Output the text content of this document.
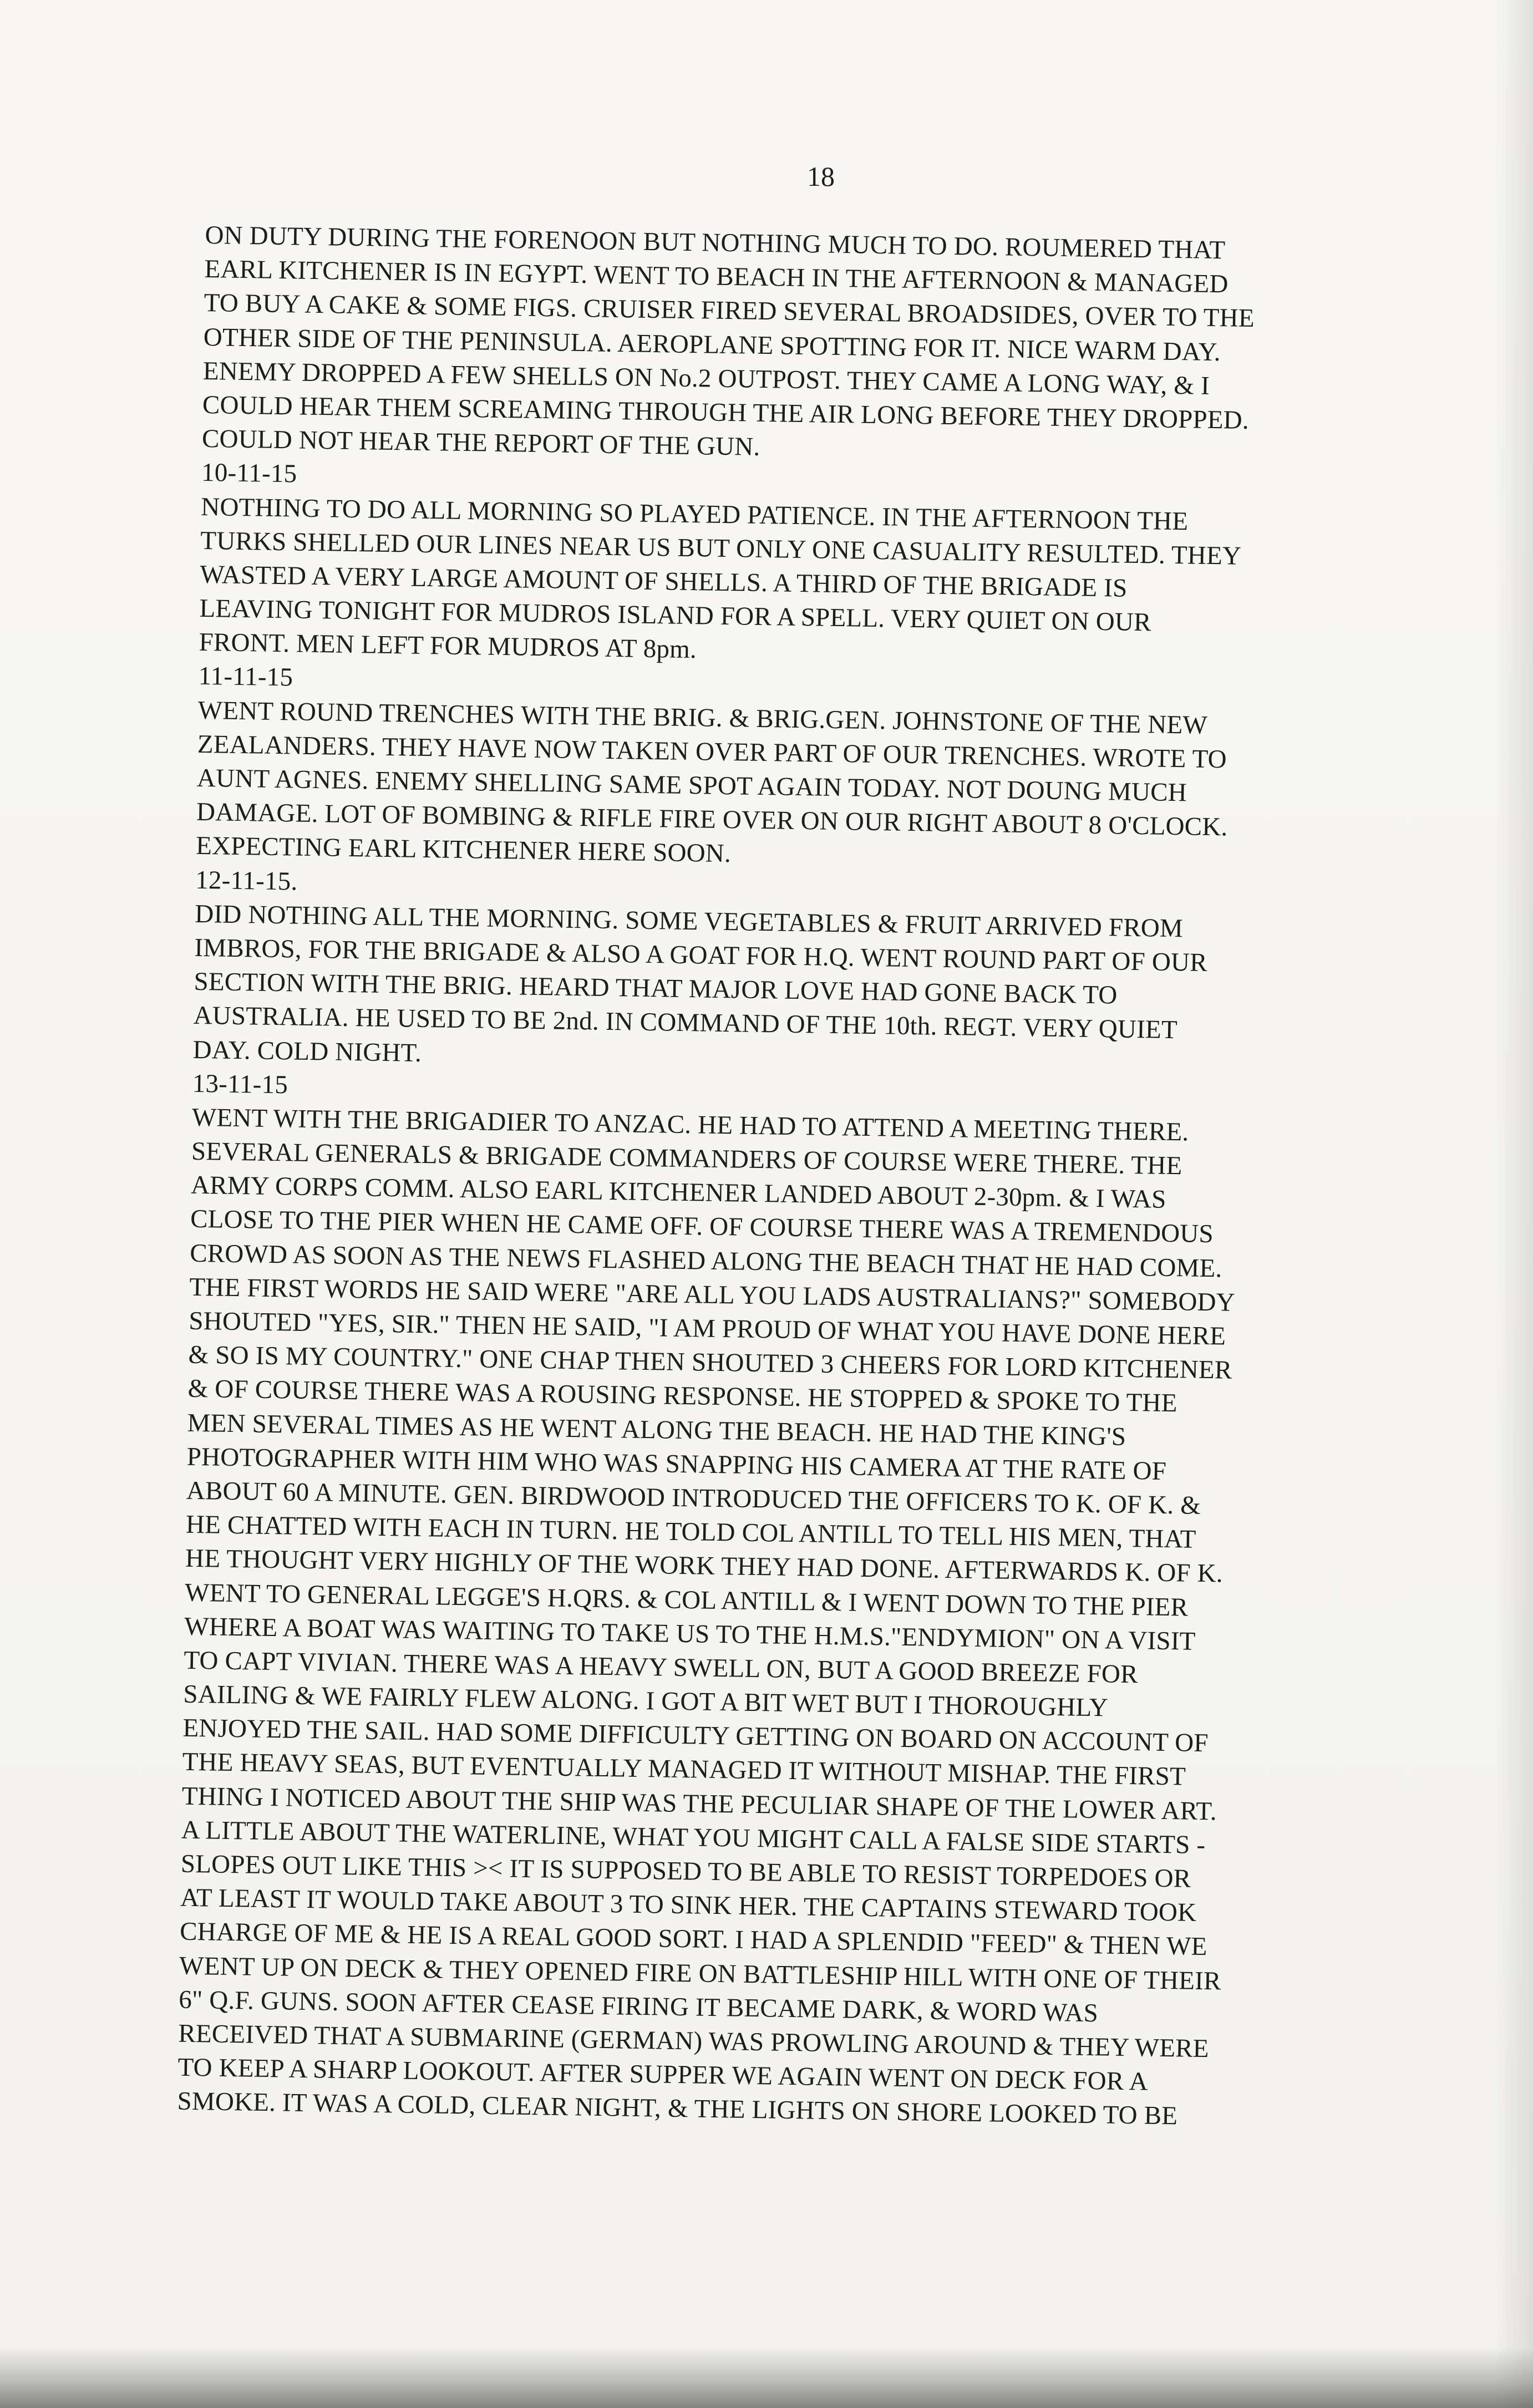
18
ON DUTY DURING THE FORENOON BUT NOTHING MUCH TO DO. ROUMERED THAT
EARL KITCHENER IS IN EGYPT. WENT TO BEACH IN THE AFTERNOON & MANAGED
TO BUY A CAKE & SOME FIGS. CRUISER FIRED SEVERAL BROADSIDES, OVER TO THE
OTHER SIDE OF THE PENINSULA. AEROPLANE SPOTTING FOR IT. NICE WARM DAY.
ENEMY DROPPED A FEW SHELLS ON No.2 OUTPOST. THEY CAME A LONG WAY, & I
COULD HEAR THEM SCREAMING THROUGH THE AIR LONG BEFORE THEY DROPPED.
COULD NOT HEAR THE REPORT OF THE GUN.
10-11-15
NOTHING TO DO ALL MORNING SO PLAYED PATIENCE. IN THE AFTERNOON THE
TURKS SHELLED OUR LINES NEAR US BUT ONLY ONE CASUALITY RESULTED. THEY
WASTED A VERY LARGE AMOUNT OF SHELLS. A THIRD OF THE BRIGADE IS
LEAVING TONIGHT FOR MUDROS ISLAND FOR A SPELL. VERY QUIET ON OUR
FRONT. MEN LEFT FOR MUDROS AT 8pm.
11-11-15
WENT ROUND TRENCHES WITH THE BRIG. & BRIG.GEN. JOHNSTONE OF THE NEW
ZEALANDERS. THEY HAVE NOW TAKEN OVER PART OF OUR TRENCHES. WROTE TO
AUNT AGNES. ENEMY SHELLING SAME SPOT AGAIN TODAY. NOT DOUNG MUCH
DAMAGE. LOT OF BOMBING & RIFLE FIRE OVER ON OUR RIGHT ABOUT 8 O'CLOCK.
EXPECTING EARL KITCHENER HERE SOON.
12-11-15.
DID NOTHING ALL THE MORNING. SOME VEGETABLES & FRUIT ARRIVED FROM
IMBROS, FOR THE BRIGADE & ALSO A GOAT FOR H.Q. WENT ROUND PART OF OUR
SECTION WITH THE BRIG. HEARD THAT MAJOR LOVE HAD GONE BACK TO
AUSTRALIA. HE USED TO BE 2nd. IN COMMAND OF THE 10th. REGT. VERY QUIET
DAY. COLD NIGHT.
13-11-15
WENT WITH THE BRIGADIER TO ANZAC. HE HAD TO ATTEND A MEETING THERE.
SEVERAL GENERALS & BRIGADE COMMANDERS OF COURSE WERE THERE. THE
ARMY CORPS COMM. ALSO EARL KITCHENER LANDED ABOUT 2-30pm. & I WAS
CLOSE TO THE PIER WHEN HE CAME OFF. OF COURSE THERE WAS A TREMENDOUS
CROWD AS SOON AS THE NEWS FLASHED ALONG THE BEACH THAT HE HAD COME.
THE FIRST WORDS HE SAID WERE "ARE ALL YOU LADS AUSTRALIANS?" SOMEBODY
SHOUTED "YES, SIR." THEN HE SAID, "I AM PROUD OF WHAT YOU HAVE DONE HERE
& SO IS MY COUNTRY." ONE CHAP THEN SHOUTED 3 CHEERS FOR LORD KITCHENER
& OF COURSE THERE WAS A ROUSING RESPONSE. HE STOPPED & SPOKE TO THE
MEN SEVERAL TIMES AS HE WENT ALONG THE BEACH. HE HAD THE KING'S
PHOTOGRAPHER WITH HIM WHO WAS SNAPPING HIS CAMERA AT THE RATE OF
ABOUT 60 A MINUTE. GEN. BIRDWOOD INTRODUCED THE OFFICERS TO K. OF K. &
HE CHATTED WITH EACH IN TURN. HE TOLD COL ANTILL TO TELL HIS MEN, THAT
HE THOUGHT VERY HIGHLY OF THE WORK THEY HAD DONE. AFTERWARDS K. OF K.
WENT TO GENERAL LEGGE'S H.QRS. & COL ANTILL & I WENT DOWN TO THE PIER
WHERE A BOAT WAS WAITING TO TAKE US TO THE H.M.S."ENDYMION" ON A VISIT
TO CAPT VIVIAN. THERE WAS A HEAVY SWELL ON, BUT A GOOD BREEZE FOR
SAILING & WE FAIRLY FLEW ALONG. I GOT A BIT WET BUT I THOROUGHLY
ENJOYED THE SAIL. HAD SOME DIFFICULTY GETTING ON BOARD ON ACCOUNT OF
THE HEAVY SEAS, BUT EVENTUALLY MANAGED IT WITHOUT MISHAP. THE FIRST
THING I NOTICED ABOUT THE SHIP WAS THE PECULIAR SHAPE OF THE LOWER ART.
A LITTLE ABOUT THE WATERLINE, WHAT YOU MIGHT CALL A FALSE SIDE STARTS -
SLOPES OUT LIKE THIS >< IT IS SUPPOSED TO BE ABLE TO RESIST TORPEDOES OR
AT LEAST IT WOULD TAKE ABOUT 3 TO SINK HER. THE CAPTAINS STEWARD TOOK
CHARGE OF ME & HE IS A REAL GOOD SORT. I HAD A SPLENDID "FEED" & THEN WE
WENT UP ON DECK & THEY OPENED FIRE ON BATTLESHIP HILL WITH ONE OF THEIR
6" Q.F. GUNS. SOON AFTER CEASE FIRING IT BECAME DARK, & WORD WAS
RECEIVED THAT A SUBMARINE (GERMAN) WAS PROWLING AROUND & THEY WERE
TO KEEP A SHARP LOOKOUT. AFTER SUPPER WE AGAIN WENT ON DECK FOR A
SMOKE. IT WAS A COLD, CLEAR NIGHT, & THE LIGHTS ON SHORE LOOKED TO BE
